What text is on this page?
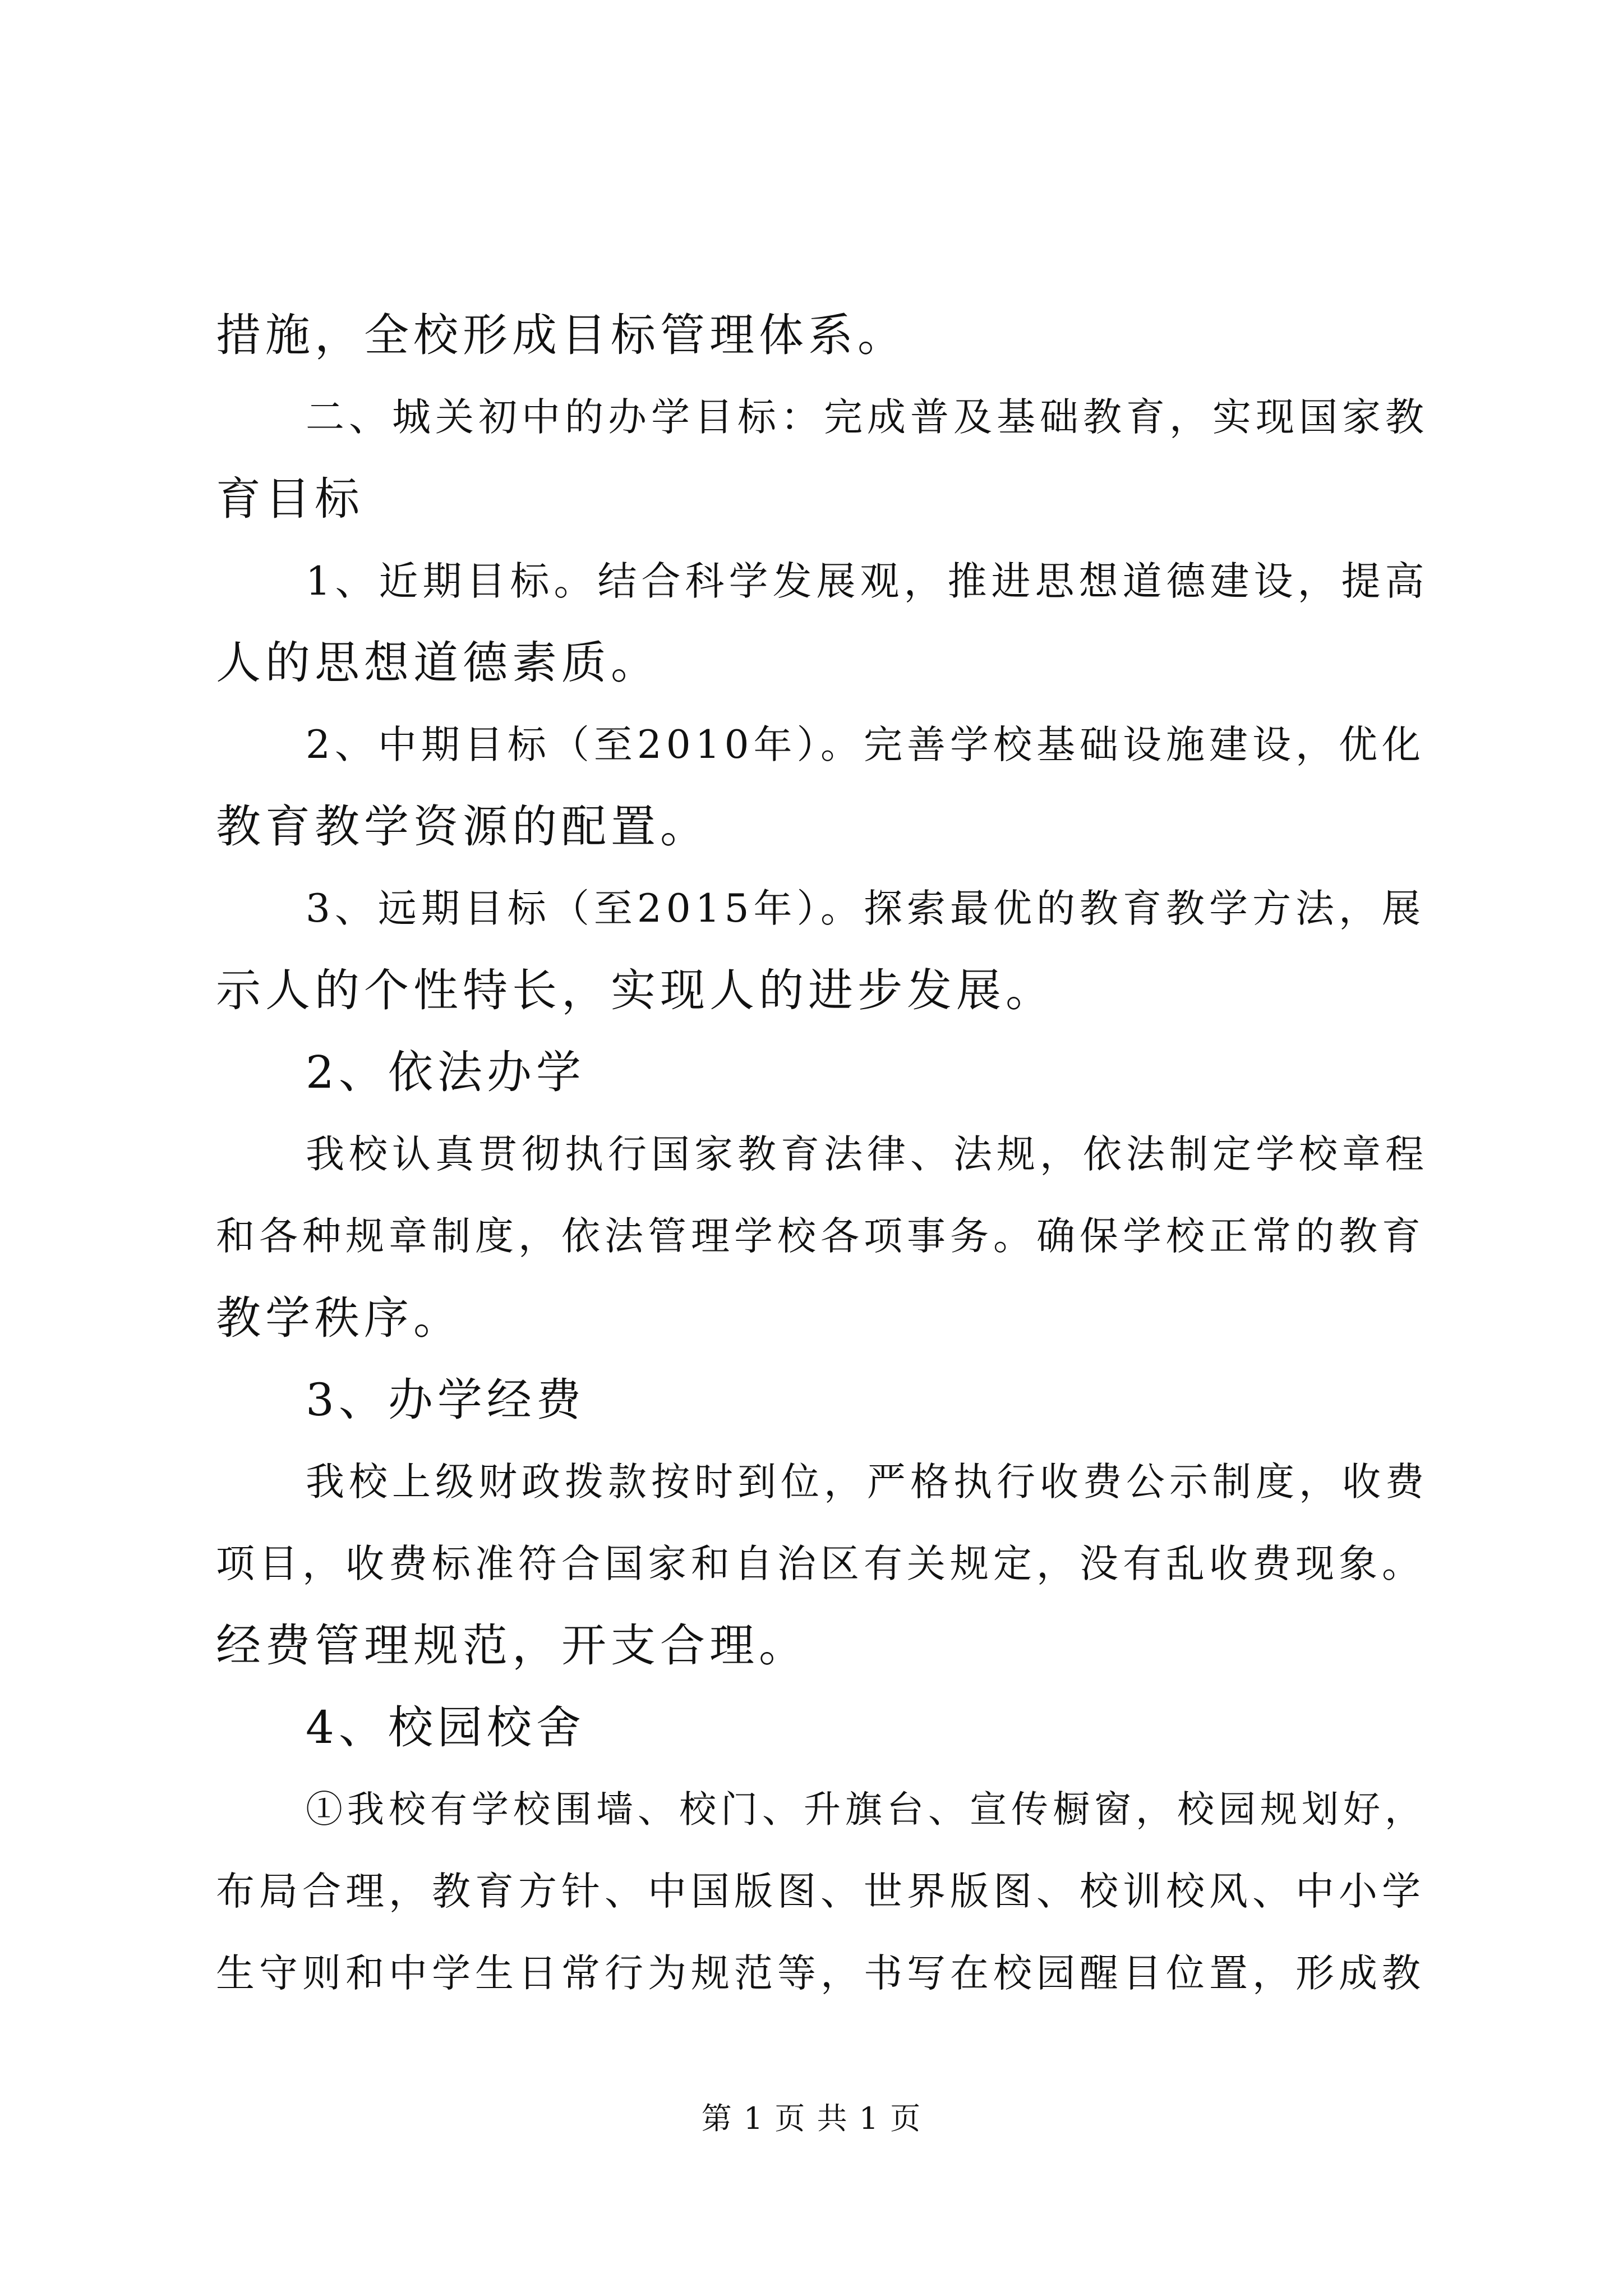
措施，全校形成目标管理体系。
二、城关初中的办学目标：完成普及基础教育，实现国家教
育目标
1、近期目标。结合科学发展观，推进思想道德建设，提高
人的思想道德素质。
2、中期目标（至2010年）。完善学校基础设施建设，优化
教育教学资源的配置。
3、远期目标（至2015年）。探索最优的教育教学方法，展
示人的个性特长，实现人的进步发展。
2、依法办学
我校认真贯彻执行国家教育法律、法规，依法制定学校章程
和各种规章制度，依法管理学校各项事务。确保学校正常的教育
教学秩序。
3、办学经费
我校上级财政拨款按时到位，严格执行收费公示制度，收费
项目，收费标准符合国家和自治区有关规定，没有乱收费现象。
经费管理规范，开支合理。
4、校园校舍
①我校有学校围墙、校门、升旗台、宣传橱窗，校园规划好，
布局合理，教育方针、中国版图、世界版图、校训校风、中小学
生守则和中学生日常行为规范等，书写在校园醒目位置，形成教
第 1 页 共 1 页
